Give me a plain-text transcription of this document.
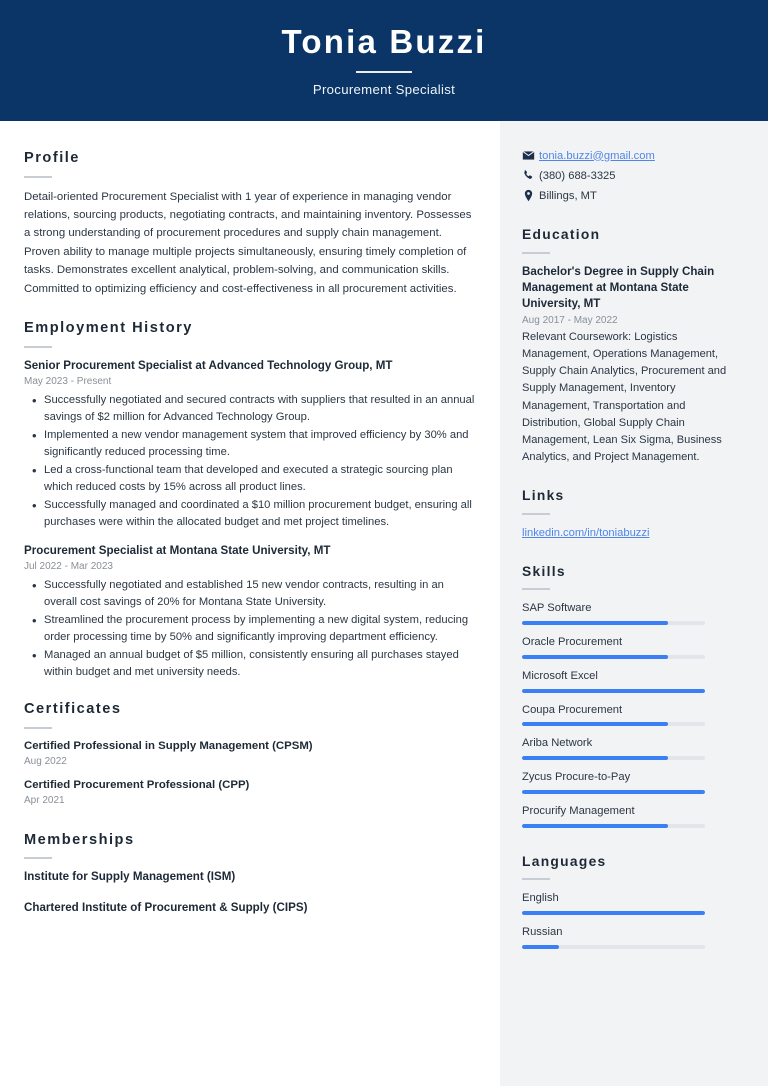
Tonia Buzzi
Procurement Specialist
Profile
Detail-oriented Procurement Specialist with 1 year of experience in managing vendor relations, sourcing products, negotiating contracts, and maintaining inventory. Possesses a strong understanding of procurement procedures and supply chain management. Proven ability to manage multiple projects simultaneously, ensuring timely completion of tasks. Demonstrates excellent analytical, problem-solving, and communication skills. Committed to optimizing efficiency and cost-effectiveness in all procurement activities.
Employment History
Senior Procurement Specialist at Advanced Technology Group, MT
May 2023 - Present
• Successfully negotiated and secured contracts with suppliers that resulted in an annual savings of $2 million for Advanced Technology Group.
• Implemented a new vendor management system that improved efficiency by 30% and significantly reduced processing time.
• Led a cross-functional team that developed and executed a strategic sourcing plan which reduced costs by 15% across all product lines.
• Successfully managed and coordinated a $10 million procurement budget, ensuring all purchases were within the allocated budget and met project timelines.
Procurement Specialist at Montana State University, MT
Jul 2022 - Mar 2023
• Successfully negotiated and established 15 new vendor contracts, resulting in an overall cost savings of 20% for Montana State University.
• Streamlined the procurement process by implementing a new digital system, reducing order processing time by 50% and significantly improving department efficiency.
• Managed an annual budget of $5 million, consistently ensuring all purchases stayed within budget and met university needs.
Certificates
Certified Professional in Supply Management (CPSM)
Aug 2022
Certified Procurement Professional (CPP)
Apr 2021
Memberships
Institute for Supply Management (ISM)
Chartered Institute of Procurement & Supply (CIPS)
tonia.buzzi@gmail.com
(380) 688-3325
Billings, MT
Education
Bachelor's Degree in Supply Chain Management at Montana State University, MT
Aug 2017 - May 2022
Relevant Coursework: Logistics Management, Operations Management, Supply Chain Analytics, Procurement and Supply Management, Inventory Management, Transportation and Distribution, Global Supply Chain Management, Lean Six Sigma, Business Analytics, and Project Management.
Links
linkedin.com/in/toniabuzzi
Skills
SAP Software
Oracle Procurement
Microsoft Excel
Coupa Procurement
Ariba Network
Zycus Procure-to-Pay
Procurify Management
Languages
English
Russian
